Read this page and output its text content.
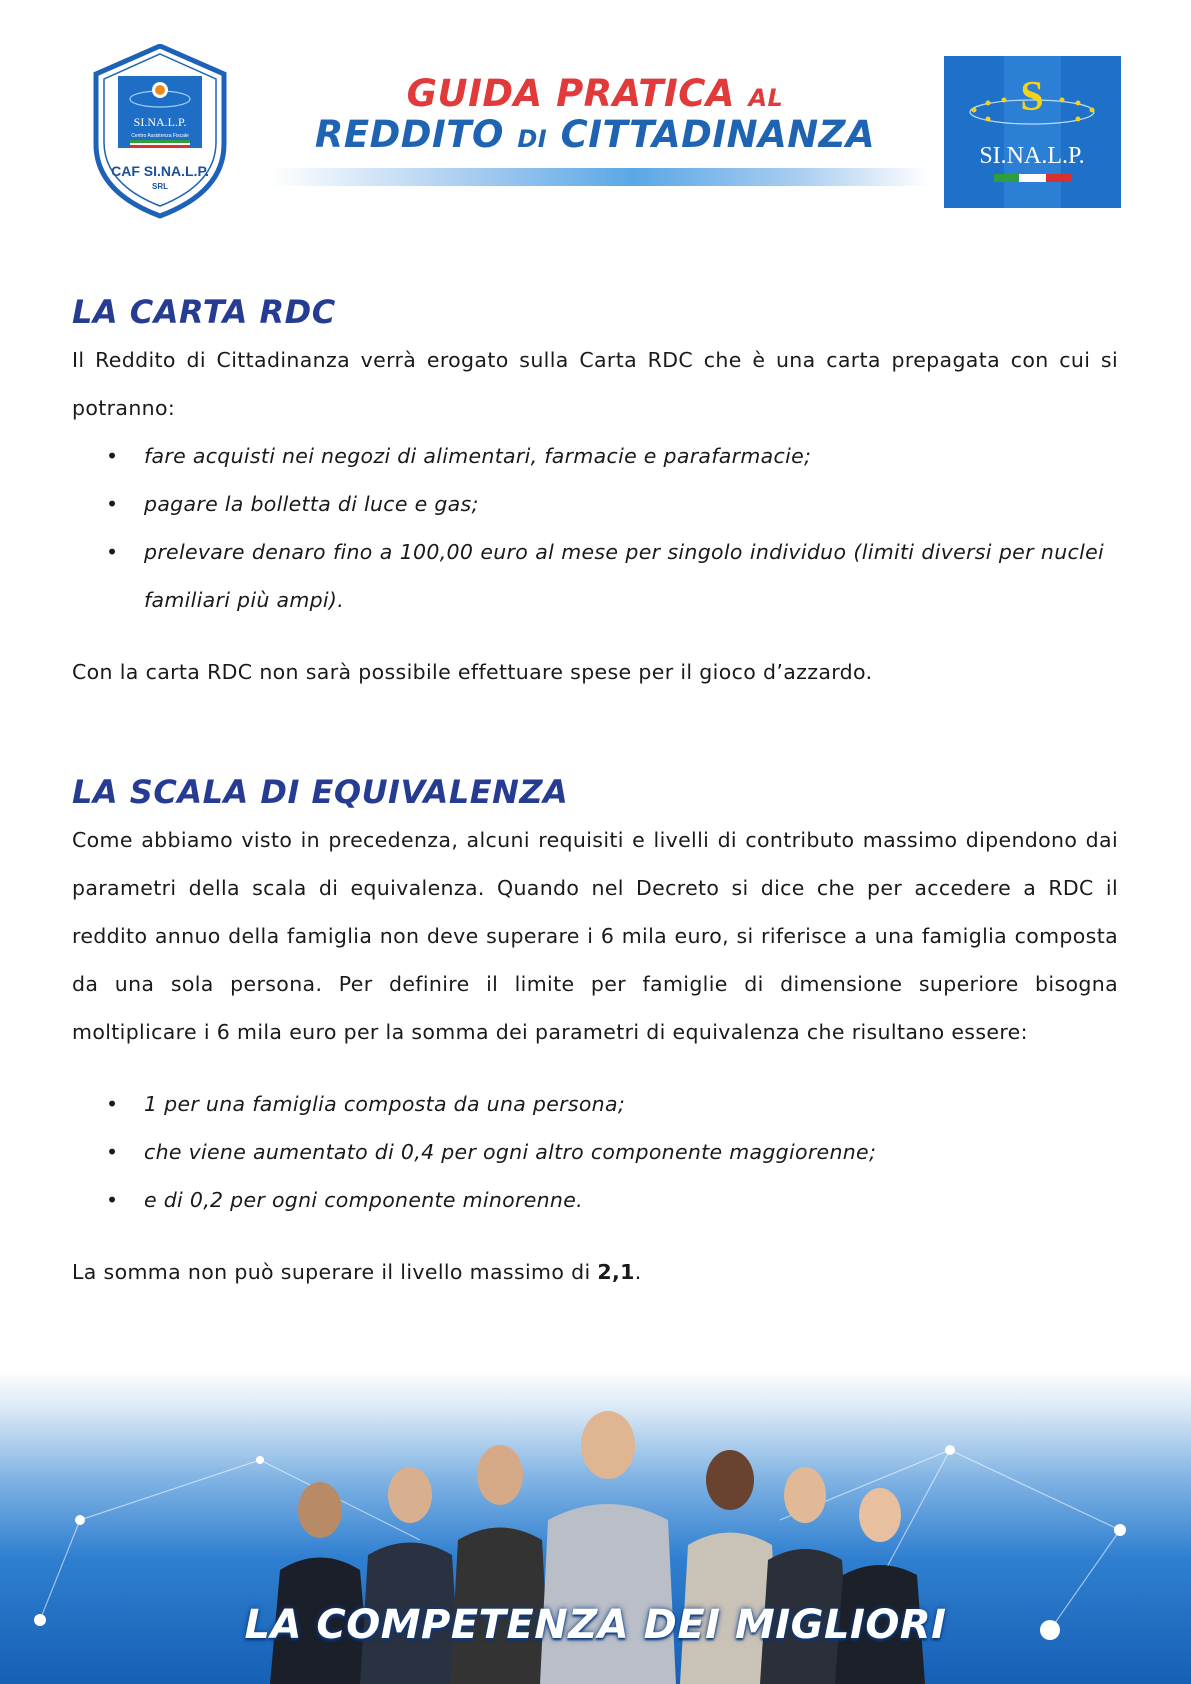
SI.NA.L.P.
Centro Assistenza Fiscale
CAF SI.NA.L.P.
SRL
GUIDA PRATICA AL
REDDITO DI CITTADINANZA
S
SI.NA.L.P.
LA CARTA RDC

Il Reddito di Cittadinanza verrà erogato sulla Carta RDC che è una carta prepagata con cui si potranno:

• fare acquisti nei negozi di alimentari, farmacie e parafarmacie;
• pagare la bolletta di luce e gas;
• prelevare denaro fino a 100,00 euro al mese per singolo individuo (limiti diversi per nuclei familiari più ampi).

Con la carta RDC non sarà possibile effettuare spese per il gioco d’azzardo.

LA SCALA DI EQUIVALENZA

Come abbiamo visto in precedenza, alcuni requisiti e livelli di contributo massimo dipendono dai parametri della scala di equivalenza. Quando nel Decreto si dice che per accedere a RDC il reddito annuo della famiglia non deve superare i 6 mila euro, si riferisce a una famiglia composta da una sola persona. Per definire il limite per famiglie di dimensione superiore bisogna moltiplicare i 6 mila euro per la somma dei parametri di equivalenza che risultano essere:

• 1 per una famiglia composta da una persona;
• che viene aumentato di 0,4 per ogni altro componente maggiorenne;
• e di 0,2 per ogni componente minorenne.

La somma non può superare il livello massimo di 2,1.

LA COMPETENZA DEI MIGLIORI
